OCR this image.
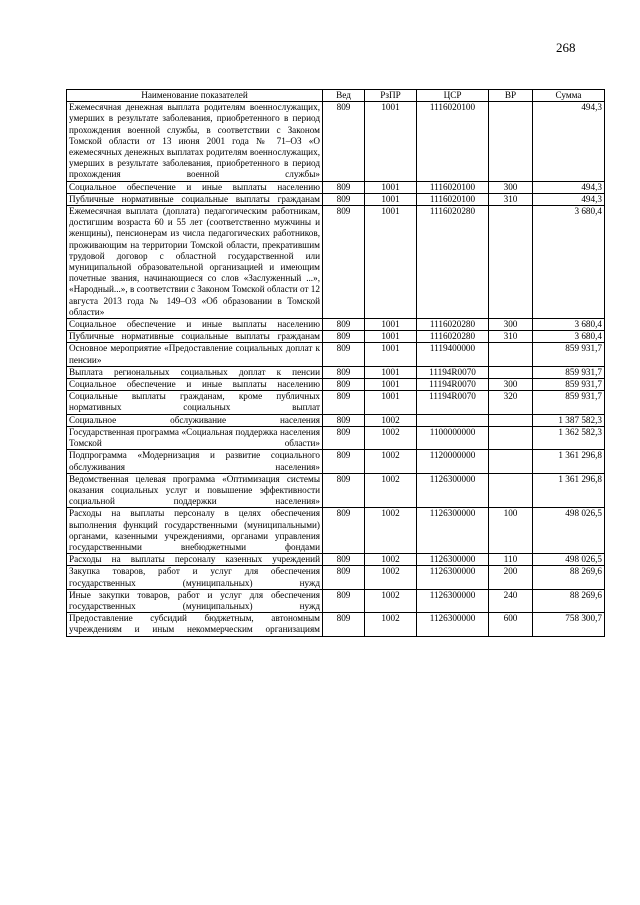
268
Наименование показателей	Вед	РзПР	ЦСР	ВР	Сумма
Ежемесячная денежная выплата родителям военнослужащих, умерших в результате заболевания, приобретенного в период прохождения военной службы, в соответствии с Законом Томской области от 13 июня 2001 года № 71–ОЗ «О ежемесячных денежных выплатах родителям военнослужащих, умерших в результате заболевания, приобретенного в период прохождения военной службы»	809	1001	1116020100		494,3
Социальное обеспечение и иные выплаты населению	809	1001	1116020100	300	494,3
Публичные нормативные социальные выплаты гражданам	809	1001	1116020100	310	494,3
Ежемесячная выплата (доплата) педагогическим работникам, достигшим возраста 60 и 55 лет (соответственно мужчины и женщины), пенсионерам из числа педагогических работников, проживающим на территории Томской области, прекратившим трудовой договор с областной государственной или муниципальной образовательной организацией и имеющим почетные звания, начинающиеся со слов «Заслуженный ...», «Народный...», в соответствии с Законом Томской области от 12 августа 2013 года № 149–ОЗ «Об образовании в Томской области»	809	1001	1116020280		3 680,4
Социальное обеспечение и иные выплаты населению	809	1001	1116020280	300	3 680,4
Публичные нормативные социальные выплаты гражданам	809	1001	1116020280	310	3 680,4
Основное мероприятие «Предоставление социальных доплат к пенсии»	809	1001	1119400000		859 931,7
Выплата региональных социальных доплат к пенсии	809	1001	11194R0070		859 931,7
Социальное обеспечение и иные выплаты населению	809	1001	11194R0070	300	859 931,7
Социальные выплаты гражданам, кроме публичных нормативных социальных выплат	809	1001	11194R0070	320	859 931,7
Социальное обслуживание населения	809	1002			1 387 582,3
Государственная программа «Социальная поддержка населения Томской области»	809	1002	1100000000		1 362 582,3
Подпрограмма «Модернизация и развитие социального обслуживания населения»	809	1002	1120000000		1 361 296,8
Ведомственная целевая программа «Оптимизация системы оказания социальных услуг и повышение эффективности социальной поддержки населения»	809	1002	1126300000		1 361 296,8
Расходы на выплаты персоналу в целях обеспечения выполнения функций государственными (муниципальными) органами, казенными учреждениями, органами управления государственными внебюджетными фондами	809	1002	1126300000	100	498 026,5
Расходы на выплаты персоналу казенных учреждений	809	1002	1126300000	110	498 026,5
Закупка товаров, работ и услуг для обеспечения государственных (муниципальных) нужд	809	1002	1126300000	200	88 269,6
Иные закупки товаров, работ и услуг для обеспечения государственных (муниципальных) нужд	809	1002	1126300000	240	88 269,6
Предоставление субсидий бюджетным, автономным учреждениям и иным некоммерческим организациям	809	1002	1126300000	600	758 300,7
